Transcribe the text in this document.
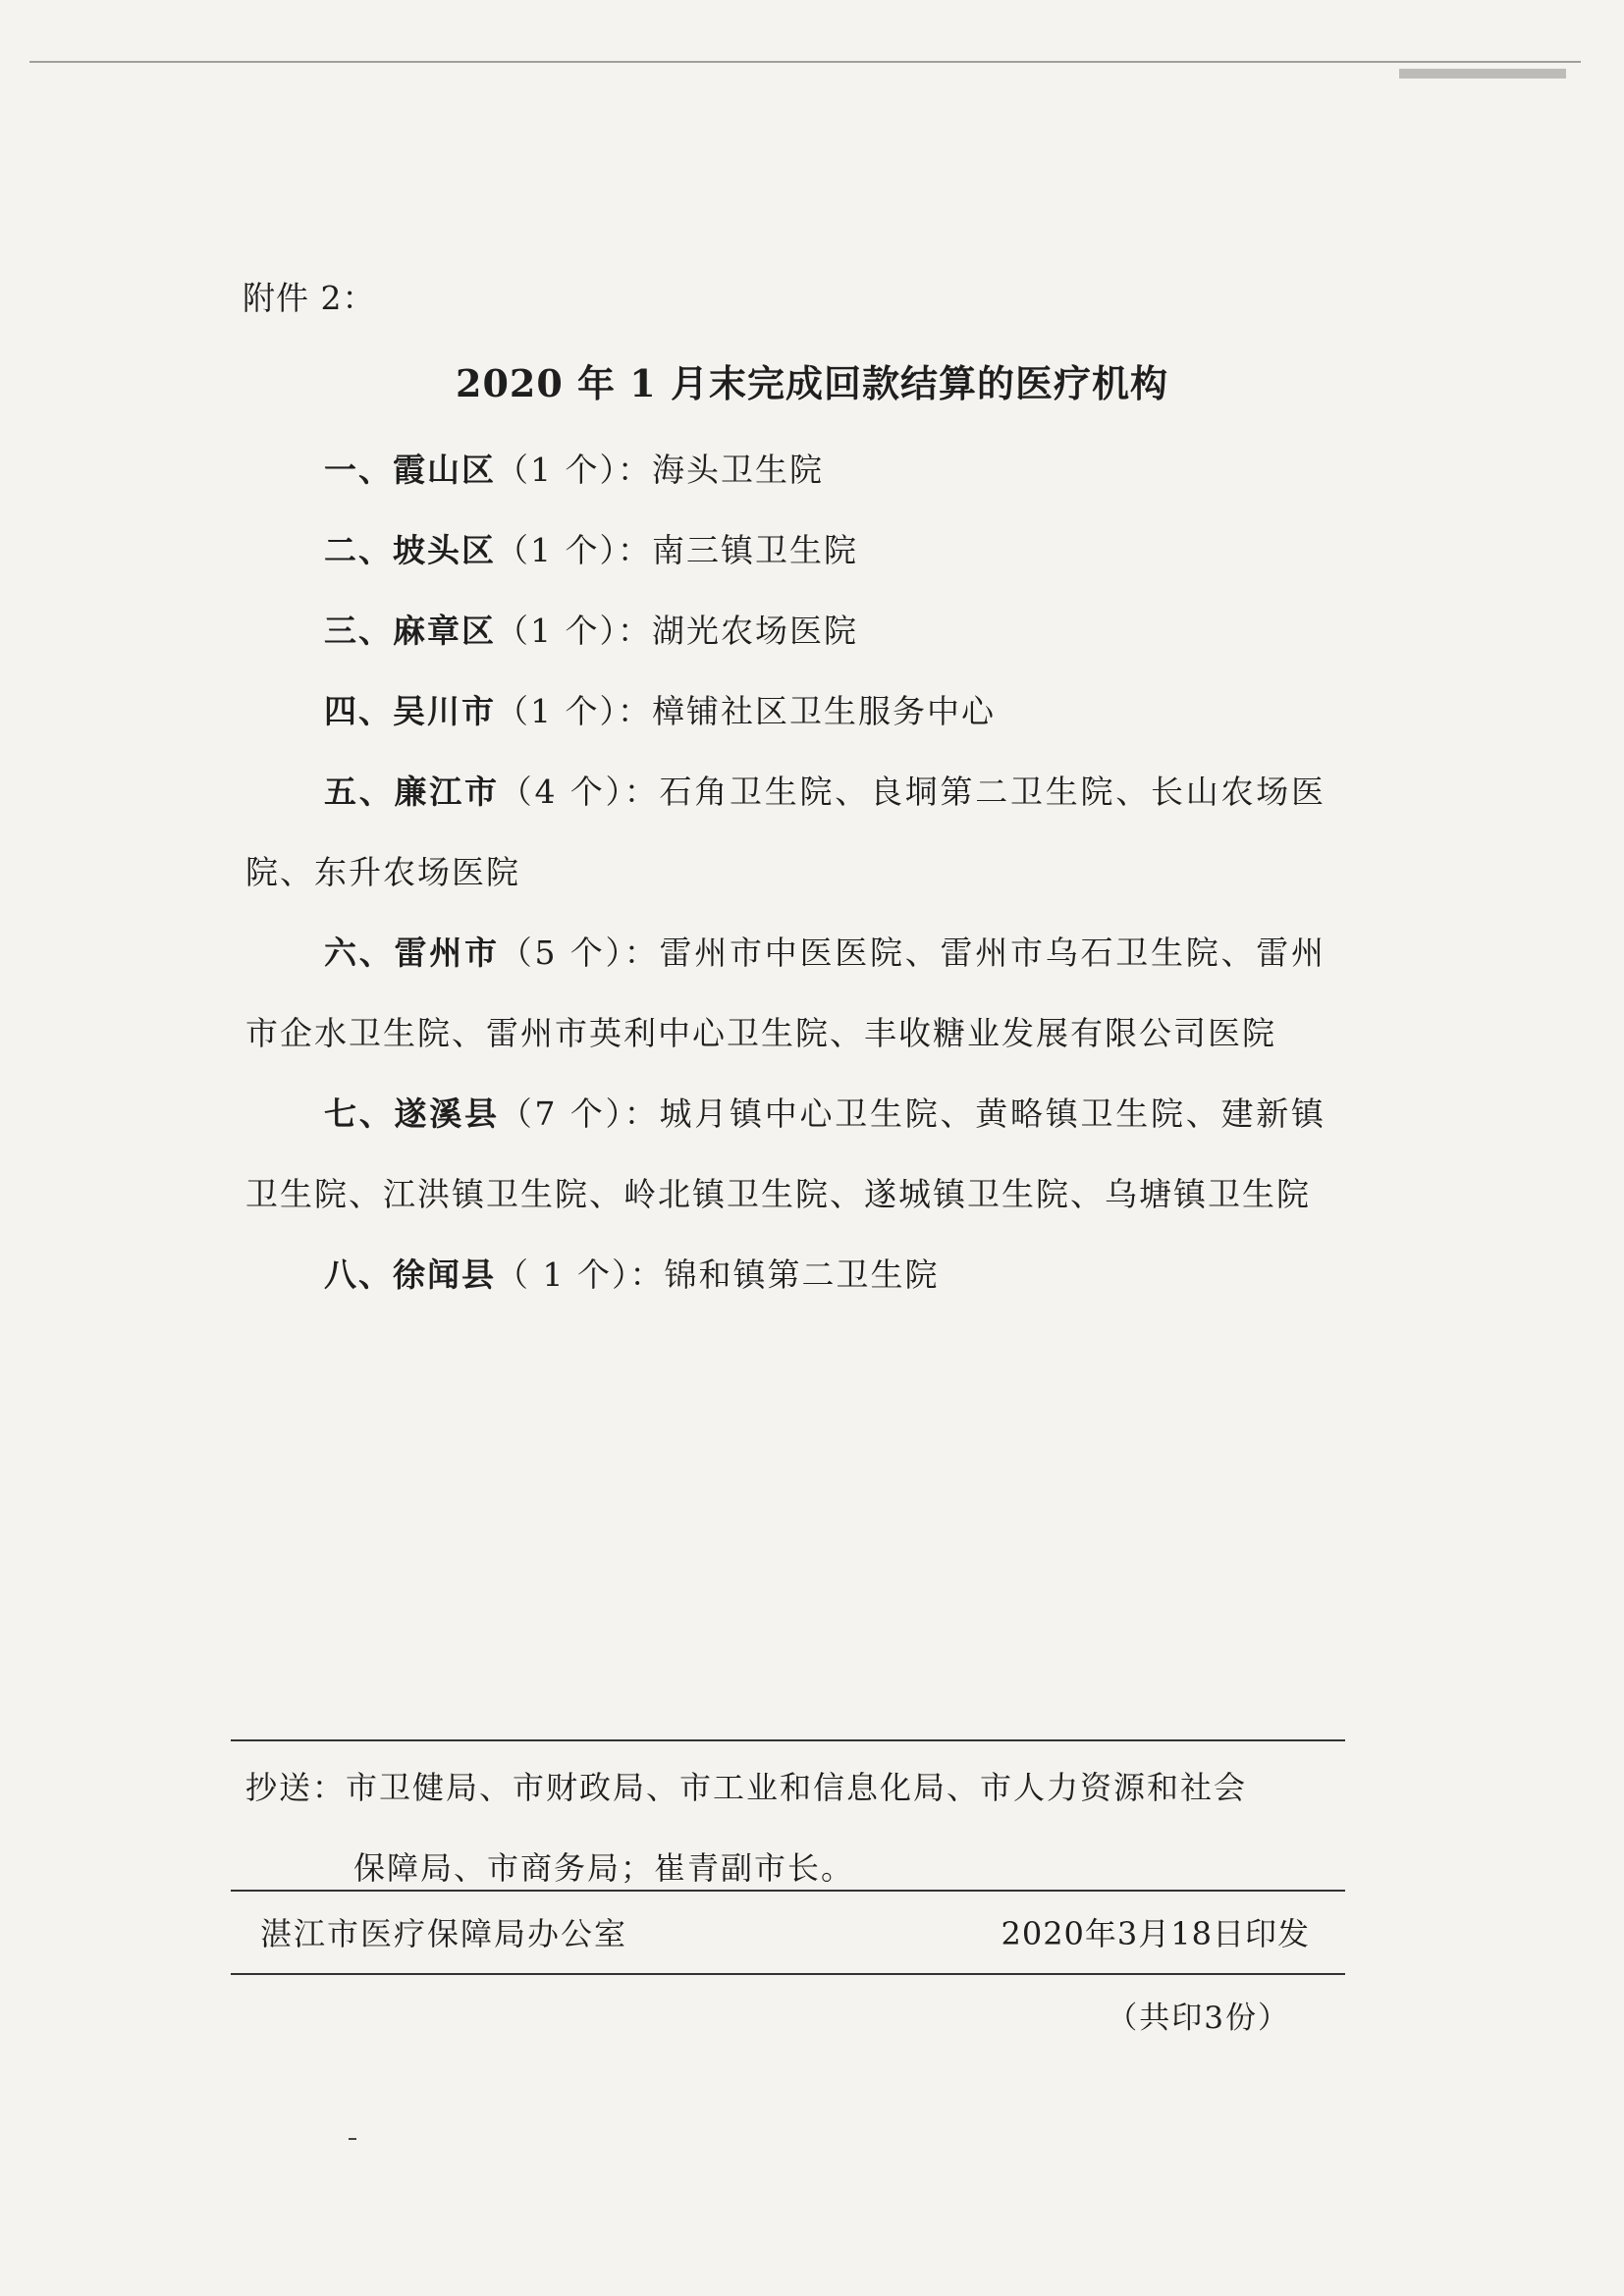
附件 2：
2020 年 1 月末完成回款结算的医疗机构

一、霞山区（1 个）：海头卫生院

二、坡头区（1 个）：南三镇卫生院

三、麻章区（1 个）：湖光农场医院

四、吴川市（1 个）：樟铺社区卫生服务中心

五、廉江市（4 个）：石角卫生院、良垌第二卫生院、长山农场医院、东升农场医院

六、雷州市（5 个）：雷州市中医医院、雷州市乌石卫生院、雷州市企水卫生院、雷州市英利中心卫生院、丰收糖业发展有限公司医院

七、遂溪县（7 个）：城月镇中心卫生院、黄略镇卫生院、建新镇卫生院、江洪镇卫生院、岭北镇卫生院、遂城镇卫生院、乌塘镇卫生院

八、徐闻县（ 1 个）：锦和镇第二卫生院

抄送：市卫健局、市财政局、市工业和信息化局、市人力资源和社会
保障局、市商务局；崔青副市长。
湛江市医疗保障局办公室	2020年3月18日印发
（共印3份）
